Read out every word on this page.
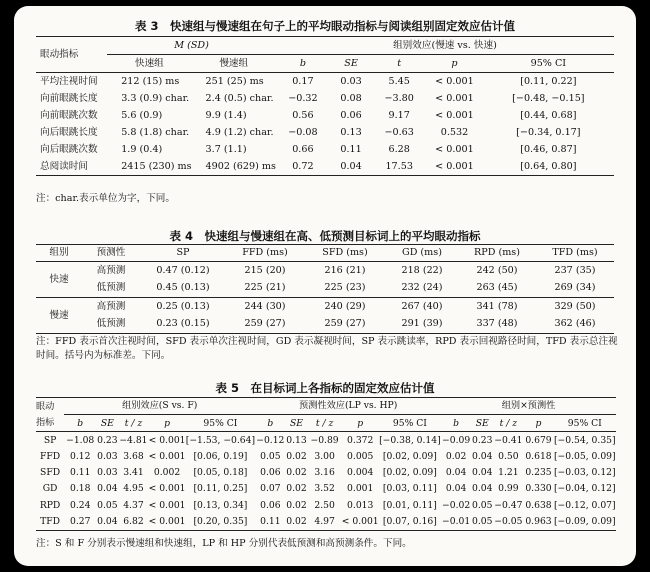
表 3　快速组与慢速组在句子上的平均眼动指标与阅读组别固定效应估计值
眼动指标	M (SD)		组别效应(慢速 vs. 快速)				
	快速组	慢速组	b	SE	t	p	95% CI
平均注视时间	212 (15) ms	251 (25) ms	0.17	0.03	5.45	< 0.001	[0.11, 0.22]
向前眼跳长度	3.3 (0.9) char.	2.4 (0.5) char.	−0.32	0.08	−3.80	< 0.001	[−0.48, −0.15]
向前眼跳次数	5.6 (0.9)	9.9 (1.4)	0.56	0.06	9.17	< 0.001	[0.44, 0.68]
向后眼跳长度	5.8 (1.8) char.	4.9 (1.2) char.	−0.08	0.13	−0.63	0.532	[−0.34, 0.17]
向后眼跳次数	1.9 (0.4)	3.7 (1.1)	0.66	0.11	6.28	< 0.001	[0.46, 0.87]
总阅读时间	2415 (230) ms	4902 (629) ms	0.72	0.04	17.53	< 0.001	[0.64, 0.80]
注：char.表示单位为字，下同。
表 4　快速组与慢速组在高、低预测目标词上的平均眼动指标
组别	预测性	SP	FFD (ms)	SFD (ms)	GD (ms)	RPD (ms)	TFD (ms)
快速	高预测	0.47 (0.12)	215 (20)	216 (21)	218 (22)	242 (50)	237 (35)
	低预测	0.45 (0.13)	225 (21)	225 (23)	232 (24)	263 (45)	269 (34)
慢速	高预测	0.25 (0.13)	244 (30)	240 (29)	267 (40)	341 (78)	329 (50)
	低预测	0.23 (0.15)	259 (27)	259 (27)	291 (39)	337 (48)	362 (46)
注：FFD 表示首次注视时间，SFD 表示单次注视时间，GD 表示凝视时间，SP 表示跳读率，RPD 表示回视路径时间，TFD 表示总注视
时间。括号内为标准差。下同。
表 5　在目标词上各指标的固定效应估计值
眼动	组别效应(S vs. F)					预测性效应(LP vs. HP)					组别×预测性				
指标	b	SE	t / z	p	95% CI	b	SE	t / z	p	95% CI	b	SE	t / z	p	95% CI
SP	−1.08	0.23	−4.81	< 0.001	[−1.53, −0.64]	−0.12	0.13	−0.89	0.372	[−0.38, 0.14]	−0.09	0.23	−0.41	0.679	[−0.54, 0.35]
FFD	0.12	0.03	3.68	< 0.001	[0.06, 0.19]	0.05	0.02	3.00	0.005	[0.02, 0.09]	0.02	0.04	0.50	0.618	[−0.05, 0.09]
SFD	0.11	0.03	3.41	0.002	[0.05, 0.18]	0.06	0.02	3.16	0.004	[0.02, 0.09]	0.04	0.04	1.21	0.235	[−0.03, 0.12]
GD	0.18	0.04	4.95	< 0.001	[0.11, 0.25]	0.07	0.02	3.52	0.001	[0.03, 0.11]	0.04	0.04	0.99	0.330	[−0.04, 0.12]
RPD	0.24	0.05	4.37	< 0.001	[0.13, 0.34]	0.06	0.02	2.50	0.013	[0.01, 0.11]	−0.02	0.05	−0.47	0.638	[−0.12, 0.07]
TFD	0.27	0.04	6.82	< 0.001	[0.20, 0.35]	0.11	0.02	4.97	< 0.001	[0.07, 0.16]	−0.01	0.05	−0.05	0.963	[−0.09, 0.09]
注：S 和 F 分别表示慢速组和快速组，LP 和 HP 分别代表低预测和高预测条件。下同。
